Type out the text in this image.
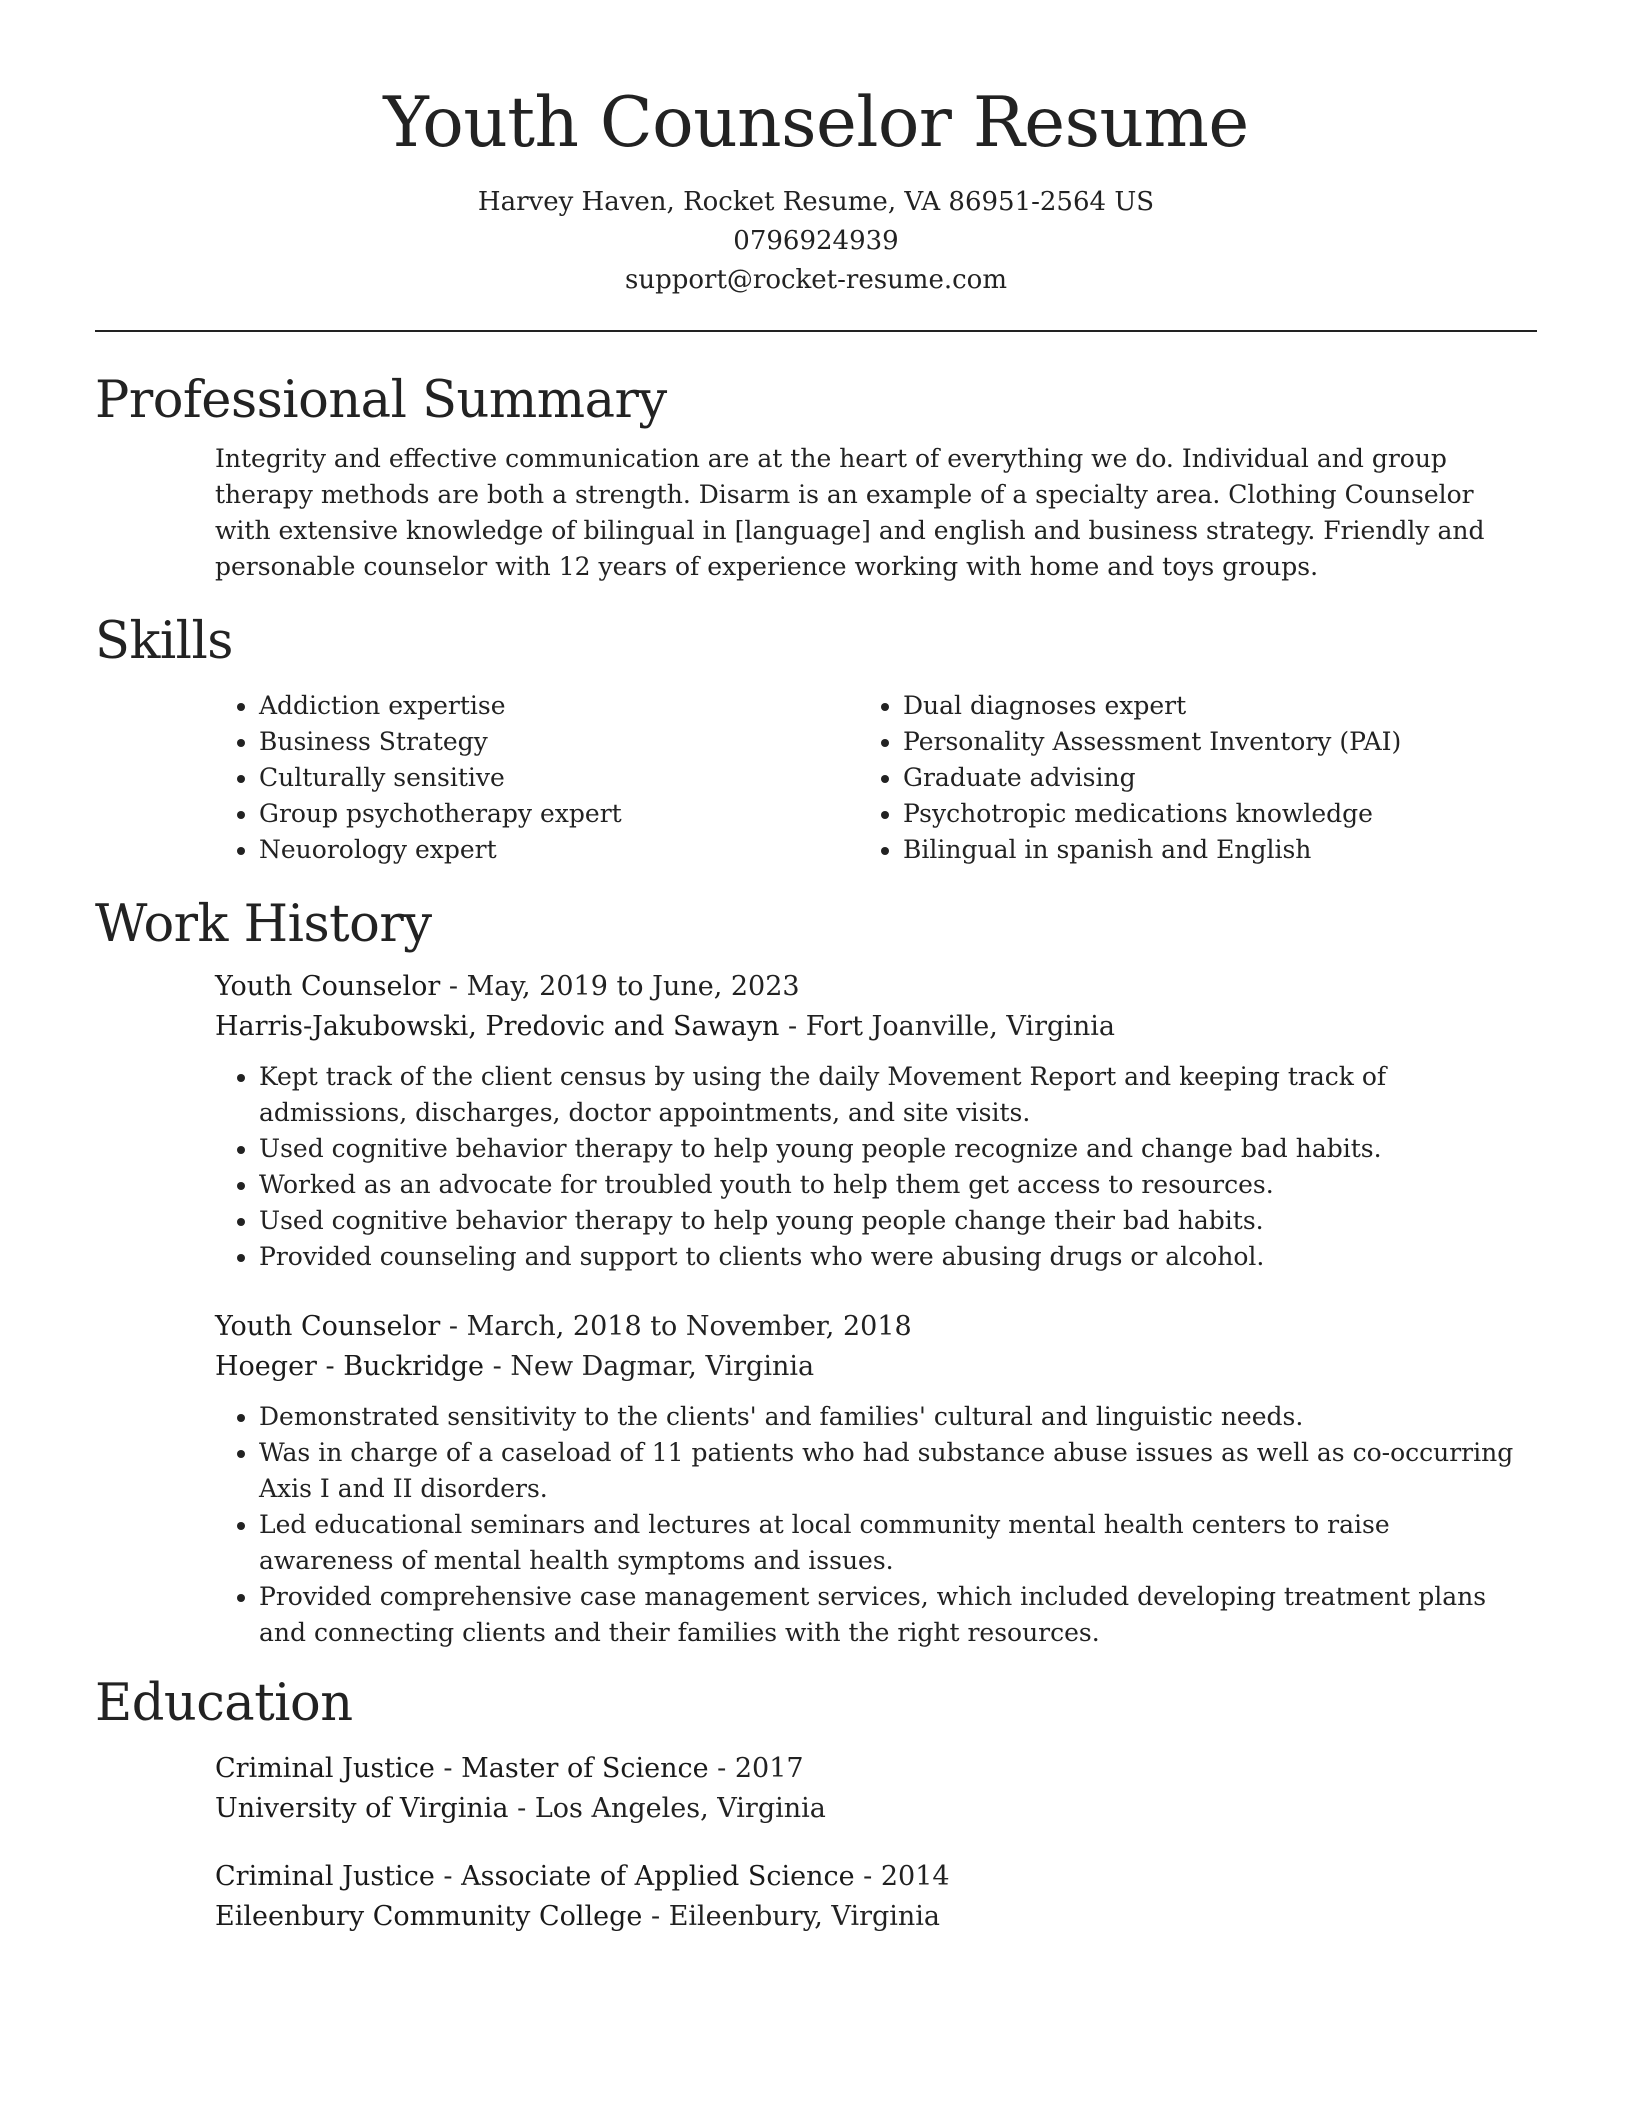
Youth Counselor Resume
Harvey Haven, Rocket Resume, VA 86951-2564 US
0796924939
support@rocket-resume.com
Professional Summary

Integrity and effective communication are at the heart of everything we do. Individual and group therapy methods are both a strength. Disarm is an example of a specialty area. Clothing Counselor with extensive knowledge of bilingual in [language] and english and business strategy. Friendly and personable counselor with 12 years of experience working with home and toys groups.

Skills
• Addiction expertise
• Business Strategy
• Culturally sensitive
• Group psychotherapy expert
• Neuorology expert
• Dual diagnoses expert
• Personality Assessment Inventory (PAI)
• Graduate advising
• Psychotropic medications knowledge
• Bilingual in spanish and English
Work History
Youth Counselor - May, 2019 to June, 2023
Harris-Jakubowski, Predovic and Sawayn - Fort Joanville, Virginia
• Kept track of the client census by using the daily Movement Report and keeping track of admissions, discharges, doctor appointments, and site visits.
• Used cognitive behavior therapy to help young people recognize and change bad habits.
• Worked as an advocate for troubled youth to help them get access to resources.
• Used cognitive behavior therapy to help young people change their bad habits.
• Provided counseling and support to clients who were abusing drugs or alcohol.
Youth Counselor - March, 2018 to November, 2018
Hoeger - Buckridge - New Dagmar, Virginia
• Demonstrated sensitivity to the clients' and families' cultural and linguistic needs.
• Was in charge of a caseload of 11 patients who had substance abuse issues as well as co-occurring Axis I and II disorders.
• Led educational seminars and lectures at local community mental health centers to raise awareness of mental health symptoms and issues.
• Provided comprehensive case management services, which included developing treatment plans and connecting clients and their families with the right resources.
Education
Criminal Justice - Master of Science - 2017
University of Virginia - Los Angeles, Virginia
Criminal Justice - Associate of Applied Science - 2014
Eileenbury Community College - Eileenbury, Virginia
